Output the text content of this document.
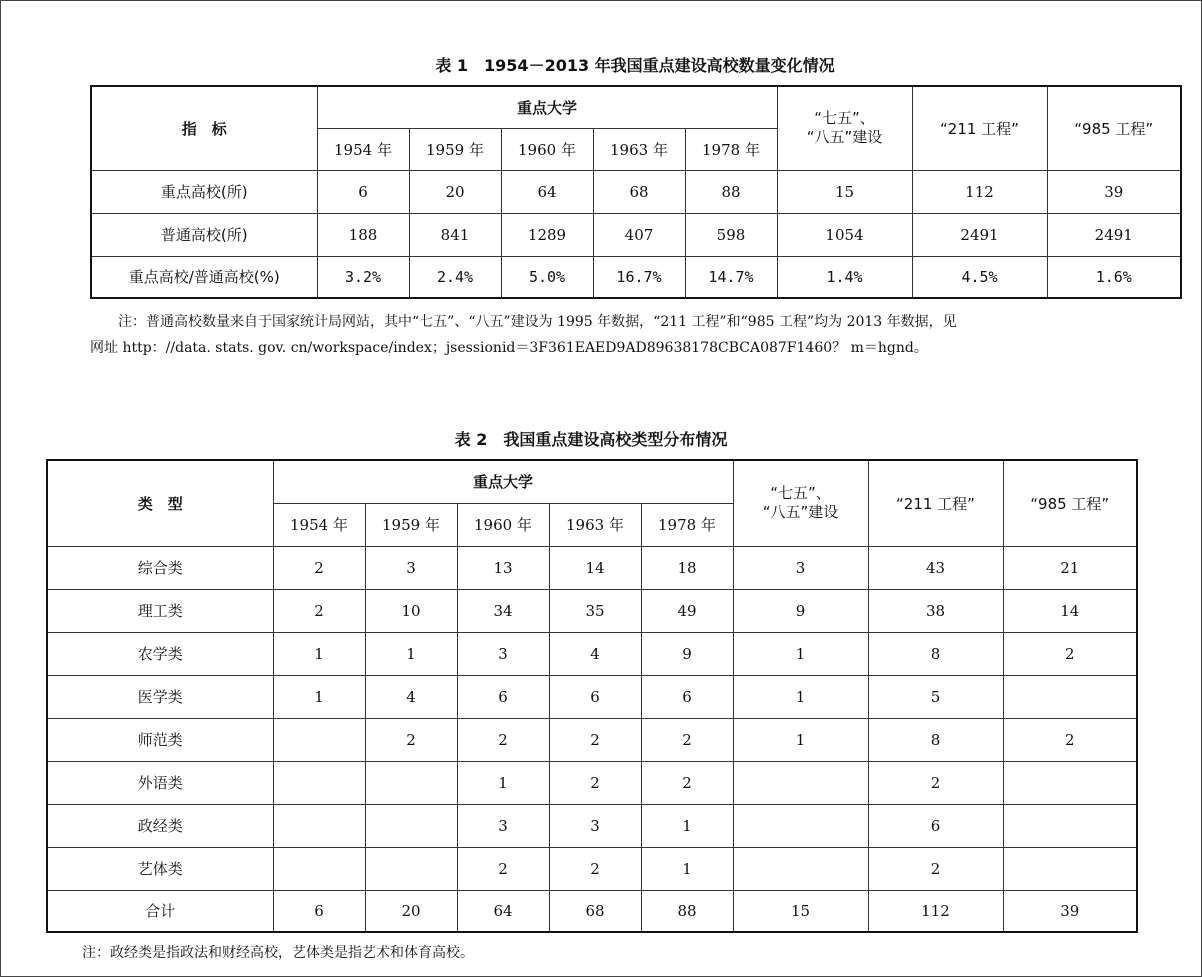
表 1　1954－2013 年我国重点建设高校数量变化情况
指　标	重点大学					“七五”、
“八五”建设	“211 工程”	“985 工程”
	1954 年	1959 年	1960 年	1963 年	1978 年			
重点高校(所)	6	20	64	68	88	15	112	39
普通高校(所)	188	841	1289	407	598	1054	2491	2491
重点高校/普通高校(%)	3.2%	2.4%	5.0%	16.7%	14.7%	1.4%	4.5%	1.6%
注：普通高校数量来自于国家统计局网站，其中“七五”、“八五”建设为 1995 年数据，“211 工程”和“985 工程”均为 2013 年数据，见
网址 http：//data. stats. gov. cn/workspace/index；jsessionid＝3F361EAED9AD89638178CBCA087F1460？ m＝hgnd。
表 2　我国重点建设高校类型分布情况
类　型	重点大学					“七五”、
“八五”建设	“211 工程”	“985 工程”
	1954 年	1959 年	1960 年	1963 年	1978 年			
综合类	2	3	13	14	18	3	43	21
理工类	2	10	34	35	49	9	38	14
农学类	1	1	3	4	9	1	8	2
医学类	1	4	6	6	6	1	5	
师范类		2	2	2	2	1	8	2
外语类			1	2	2		2	
政经类			3	3	1		6	
艺体类			2	2	1		2	
合计	6	20	64	68	88	15	112	39
注：政经类是指政法和财经高校，艺体类是指艺术和体育高校。
